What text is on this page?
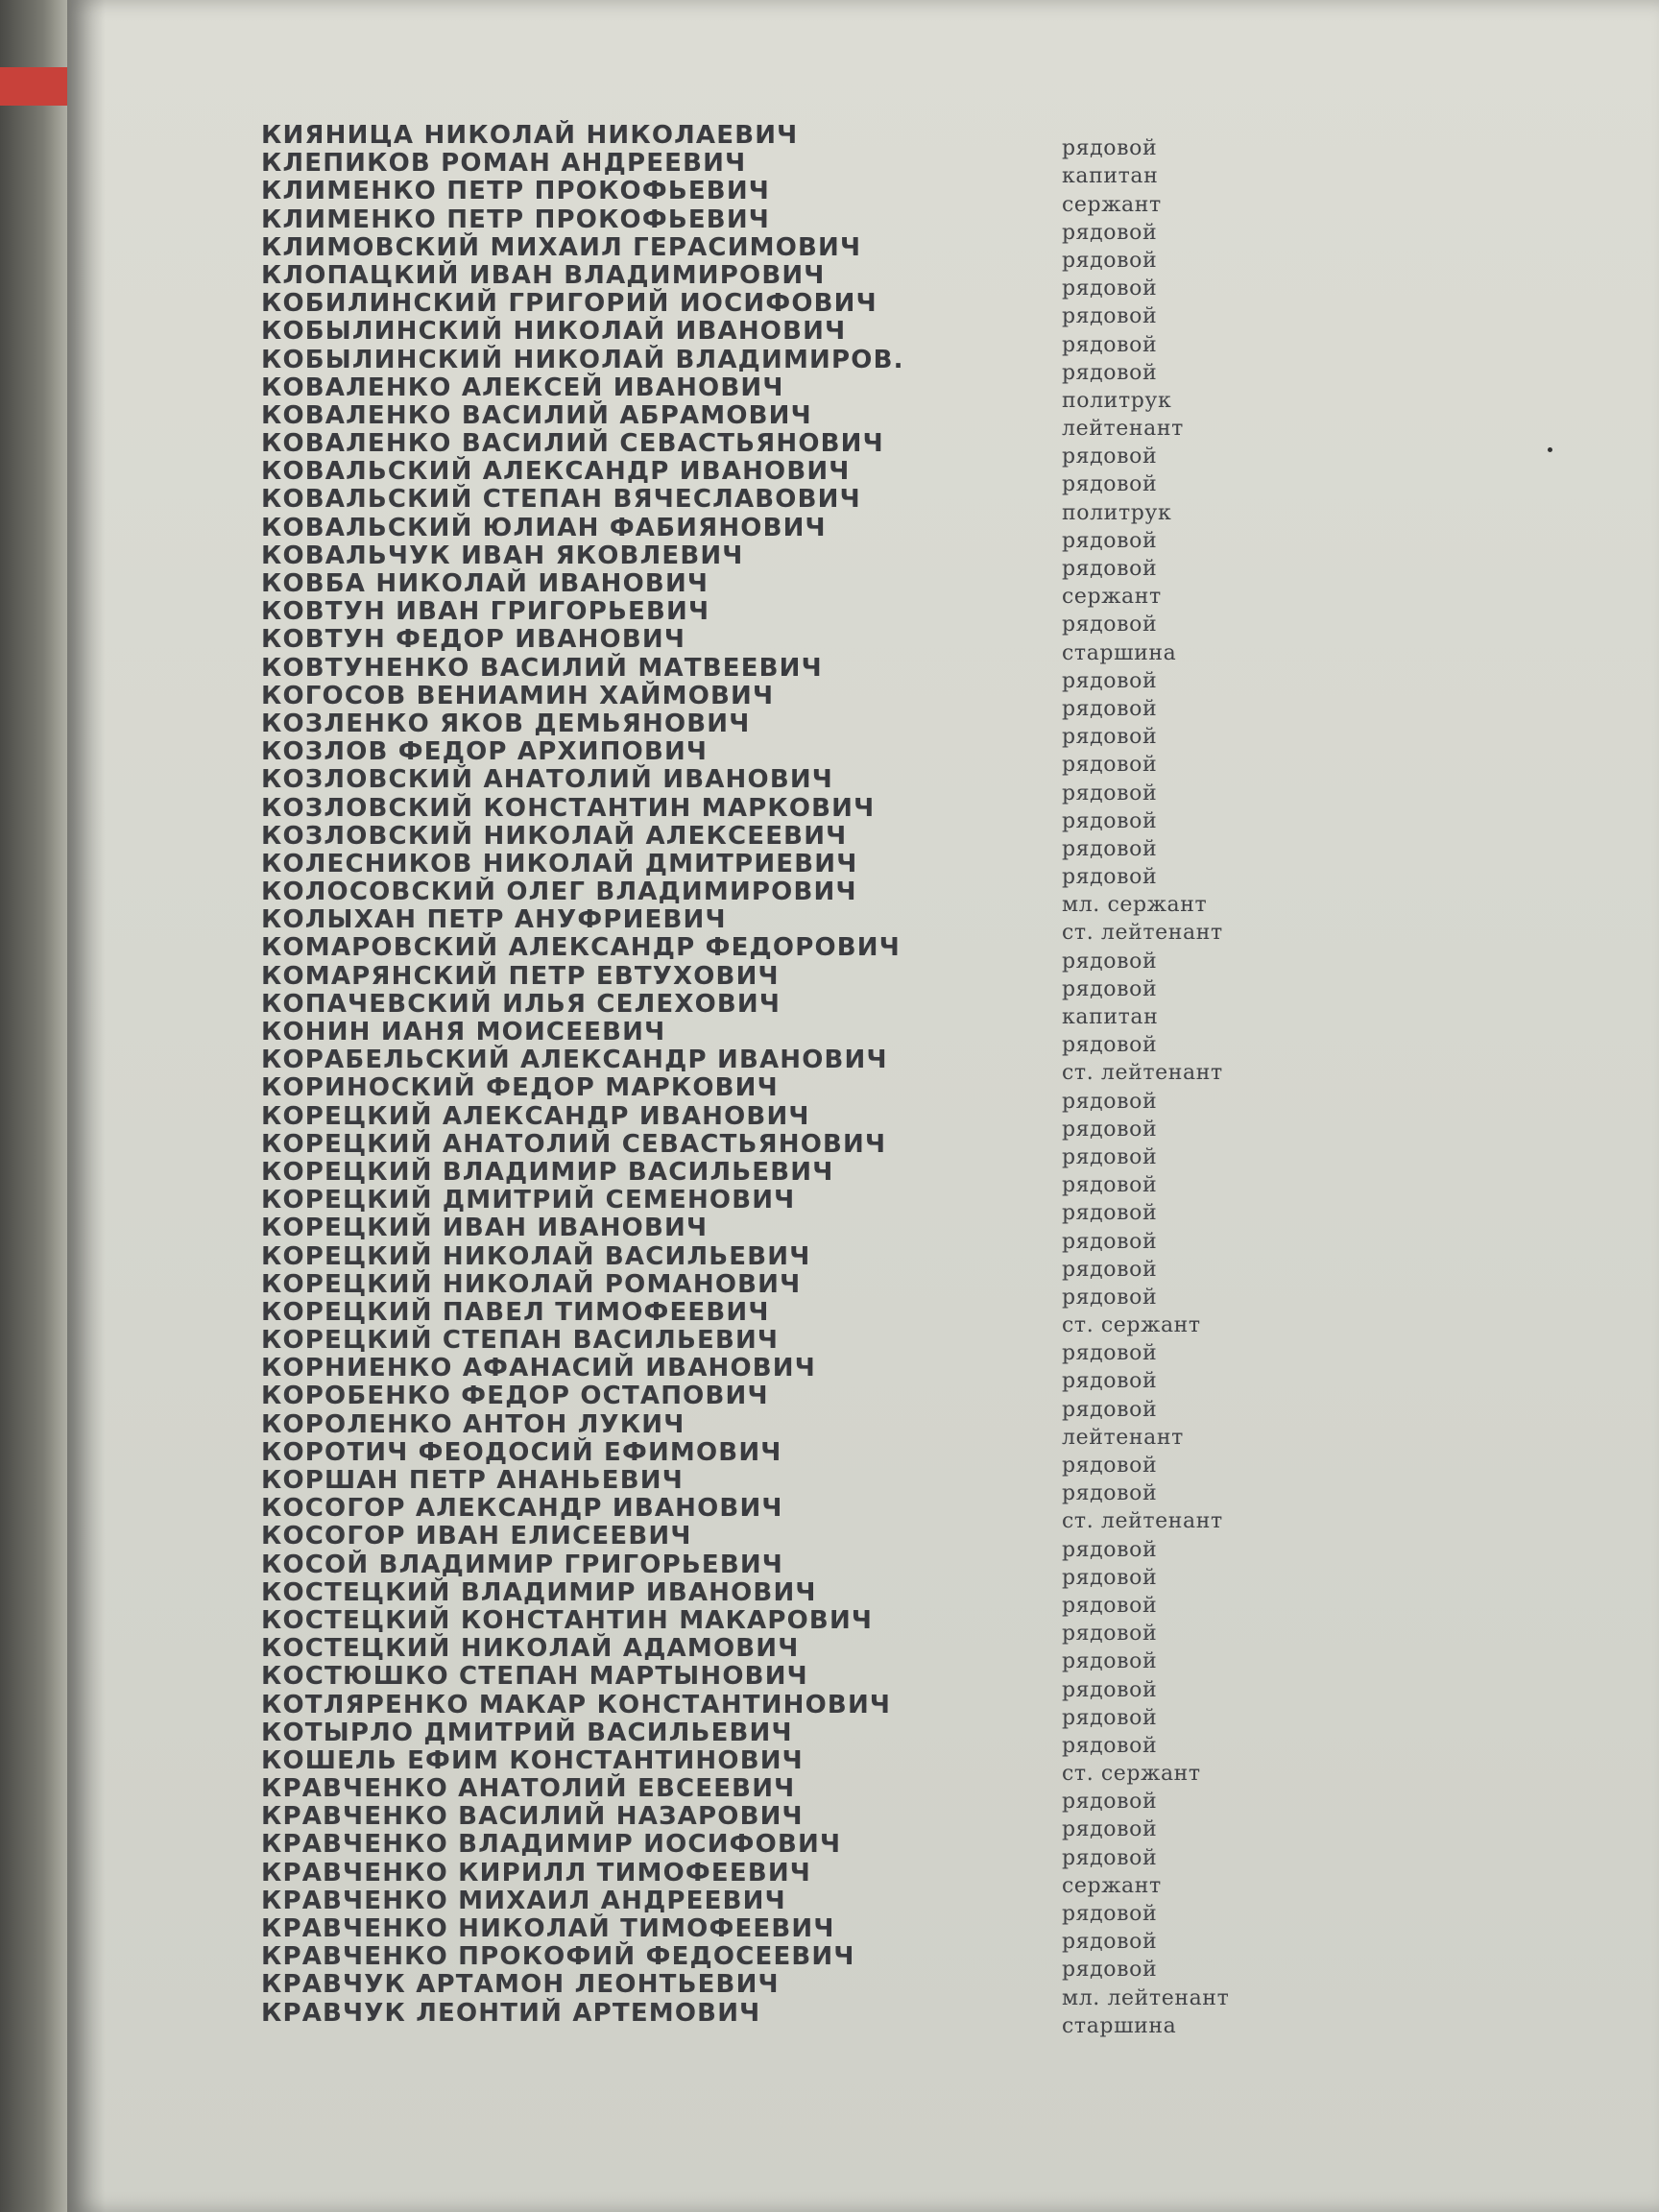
КИЯНИЦА НИКОЛАЙ НИКОЛАЕВИЧ
КЛЕПИКОВ РОМАН АНДРЕЕВИЧ
рядовой
КЛИМЕНКО ПЕТР ПРОКОФЬЕВИЧ
капитан
КЛИМЕНКО ПЕТР ПРОКОФЬЕВИЧ
сержант
КЛИМОВСКИЙ МИХАИЛ ГЕРАСИМОВИЧ
рядовой
КЛОПАЦКИЙ ИВАН ВЛАДИМИРОВИЧ
рядовой
КОБИЛИНСКИЙ ГРИГОРИЙ ИОСИФОВИЧ
рядовой
КОБЫЛИНСКИЙ НИКОЛАЙ ИВАНОВИЧ
рядовой
КОБЫЛИНСКИЙ НИКОЛАЙ ВЛАДИМИРОВ.
рядовой
КОВАЛЕНКО АЛЕКСЕЙ ИВАНОВИЧ
рядовой
КОВАЛЕНКО ВАСИЛИЙ АБРАМОВИЧ
политрук
КОВАЛЕНКО ВАСИЛИЙ СЕВАСТЬЯНОВИЧ
лейтенант
КОВАЛЬСКИЙ АЛЕКСАНДР ИВАНОВИЧ
рядовой
КОВАЛЬСКИЙ СТЕПАН ВЯЧЕСЛАВОВИЧ
рядовой
КОВАЛЬСКИЙ ЮЛИАН ФАБИЯНОВИЧ
политрук
КОВАЛЬЧУК ИВАН ЯКОВЛЕВИЧ
рядовой
КОВБА НИКОЛАЙ ИВАНОВИЧ
рядовой
КОВТУН ИВАН ГРИГОРЬЕВИЧ
сержант
КОВТУН ФЕДОР ИВАНОВИЧ
рядовой
КОВТУНЕНКО ВАСИЛИЙ МАТВЕЕВИЧ
старшина
КОГОСОВ ВЕНИАМИН ХАЙМОВИЧ
рядовой
КОЗЛЕНКО ЯКОВ ДЕМЬЯНОВИЧ
рядовой
КОЗЛОВ ФЕДОР АРХИПОВИЧ
рядовой
КОЗЛОВСКИЙ АНАТОЛИЙ ИВАНОВИЧ
рядовой
КОЗЛОВСКИЙ КОНСТАНТИН МАРКОВИЧ
рядовой
КОЗЛОВСКИЙ НИКОЛАЙ АЛЕКСЕЕВИЧ
рядовой
КОЛЕСНИКОВ НИКОЛАЙ ДМИТРИЕВИЧ
рядовой
КОЛОСОВСКИЙ ОЛЕГ ВЛАДИМИРОВИЧ
рядовой
КОЛЫХАН ПЕТР АНУФРИЕВИЧ
мл. сержант
КОМАРОВСКИЙ АЛЕКСАНДР ФЕДОРОВИЧ
ст. лейтенант
КОМАРЯНСКИЙ ПЕТР ЕВТУХОВИЧ
рядовой
КОПАЧЕВСКИЙ ИЛЬЯ СЕЛЕХОВИЧ
рядовой
КОНИН ИАНЯ МОИСЕЕВИЧ
капитан
КОРАБЕЛЬСКИЙ АЛЕКСАНДР ИВАНОВИЧ
рядовой
КОРИНОСКИЙ ФЕДОР МАРКОВИЧ
ст. лейтенант
КОРЕЦКИЙ АЛЕКСАНДР ИВАНОВИЧ
рядовой
КОРЕЦКИЙ АНАТОЛИЙ СЕВАСТЬЯНОВИЧ
рядовой
КОРЕЦКИЙ ВЛАДИМИР ВАСИЛЬЕВИЧ
рядовой
КОРЕЦКИЙ ДМИТРИЙ СЕМЕНОВИЧ
рядовой
КОРЕЦКИЙ ИВАН ИВАНОВИЧ
рядовой
КОРЕЦКИЙ НИКОЛАЙ ВАСИЛЬЕВИЧ
рядовой
КОРЕЦКИЙ НИКОЛАЙ РОМАНОВИЧ
рядовой
КОРЕЦКИЙ ПАВЕЛ ТИМОФЕЕВИЧ
рядовой
КОРЕЦКИЙ СТЕПАН ВАСИЛЬЕВИЧ
ст. сержант
КОРНИЕНКО АФАНАСИЙ ИВАНОВИЧ
рядовой
КОРОБЕНКО ФЕДОР ОСТАПОВИЧ
рядовой
КОРОЛЕНКО АНТОН ЛУКИЧ
рядовой
КОРОТИЧ ФЕОДОСИЙ ЕФИМОВИЧ
лейтенант
КОРШАН ПЕТР АНАНЬЕВИЧ
рядовой
КОСОГОР АЛЕКСАНДР ИВАНОВИЧ
рядовой
КОСОГОР ИВАН ЕЛИСЕЕВИЧ
ст. лейтенант
КОСОЙ ВЛАДИМИР ГРИГОРЬЕВИЧ
рядовой
КОСТЕЦКИЙ ВЛАДИМИР ИВАНОВИЧ
рядовой
КОСТЕЦКИЙ КОНСТАНТИН МАКАРОВИЧ
рядовой
КОСТЕЦКИЙ НИКОЛАЙ АДАМОВИЧ
рядовой
КОСТЮШКО СТЕПАН МАРТЫНОВИЧ
рядовой
КОТЛЯРЕНКО МАКАР КОНСТАНТИНОВИЧ
рядовой
КОТЫРЛО ДМИТРИЙ ВАСИЛЬЕВИЧ
рядовой
КОШЕЛЬ ЕФИМ КОНСТАНТИНОВИЧ
рядовой
КРАВЧЕНКО АНАТОЛИЙ ЕВСЕЕВИЧ
ст. сержант
КРАВЧЕНКО ВАСИЛИЙ НАЗАРОВИЧ
рядовой
КРАВЧЕНКО ВЛАДИМИР ИОСИФОВИЧ
рядовой
КРАВЧЕНКО КИРИЛЛ ТИМОФЕЕВИЧ
рядовой
КРАВЧЕНКО МИХАИЛ АНДРЕЕВИЧ
сержант
КРАВЧЕНКО НИКОЛАЙ ТИМОФЕЕВИЧ
рядовой
КРАВЧЕНКО ПРОКОФИЙ ФЕДОСЕЕВИЧ
рядовой
КРАВЧУК АРТАМОН ЛЕОНТЬЕВИЧ
рядовой
КРАВЧУК ЛЕОНТИЙ АРТЕМОВИЧ
мл. лейтенант
старшина
